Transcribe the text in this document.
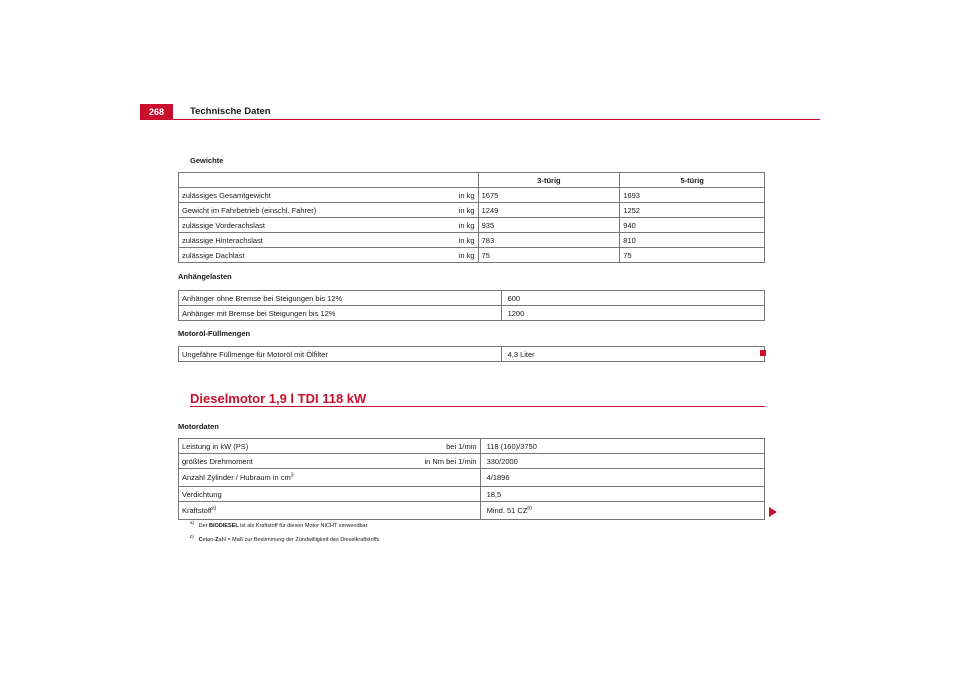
268	Technische Daten
Gewichte
		3-türig	5-türig
zulässiges Gesamtgewicht	in kg	1675	1693
Gewicht im Fahrbetrieb (einschl. Fahrer)	in kg	1249	1252
zulässige Vorderachslast	in kg	935	940
zulässige Hinterachslast	in kg	783	810
zulässige Dachlast	in kg	75	75
Anhängelasten
Anhänger ohne Bremse bei Steigungen bis 12%	600
Anhänger mit Bremse bei Steigungen bis 12%	1200
Motoröl-Füllmengen
Ungefähre Füllmenge für Motoröl mit Ölfilter	4,3 Liter
Dieselmotor 1,9 l TDI 118 kW
Motordaten
Leistung in kW (PS)	bei 1/min	118 (160)/3750
größtes Drehmoment	in Nm bei 1/min	330/2000
Anzahl Zylinder / Hubraum in $cm^3$		4/1896
Verdichtung		18,5
Kraftstoff$^{a)}$		Mind. 51 CZ$^{b)}$
$^{a)}$   Der BIODIESEL ist als Kraftstoff für diesen Motor NICHT verwendbar.
$^{b)}$   Cetan-Zahl = Maß zur Bestimmung der Zündwilligkeit des Dieselkraftstoffs
